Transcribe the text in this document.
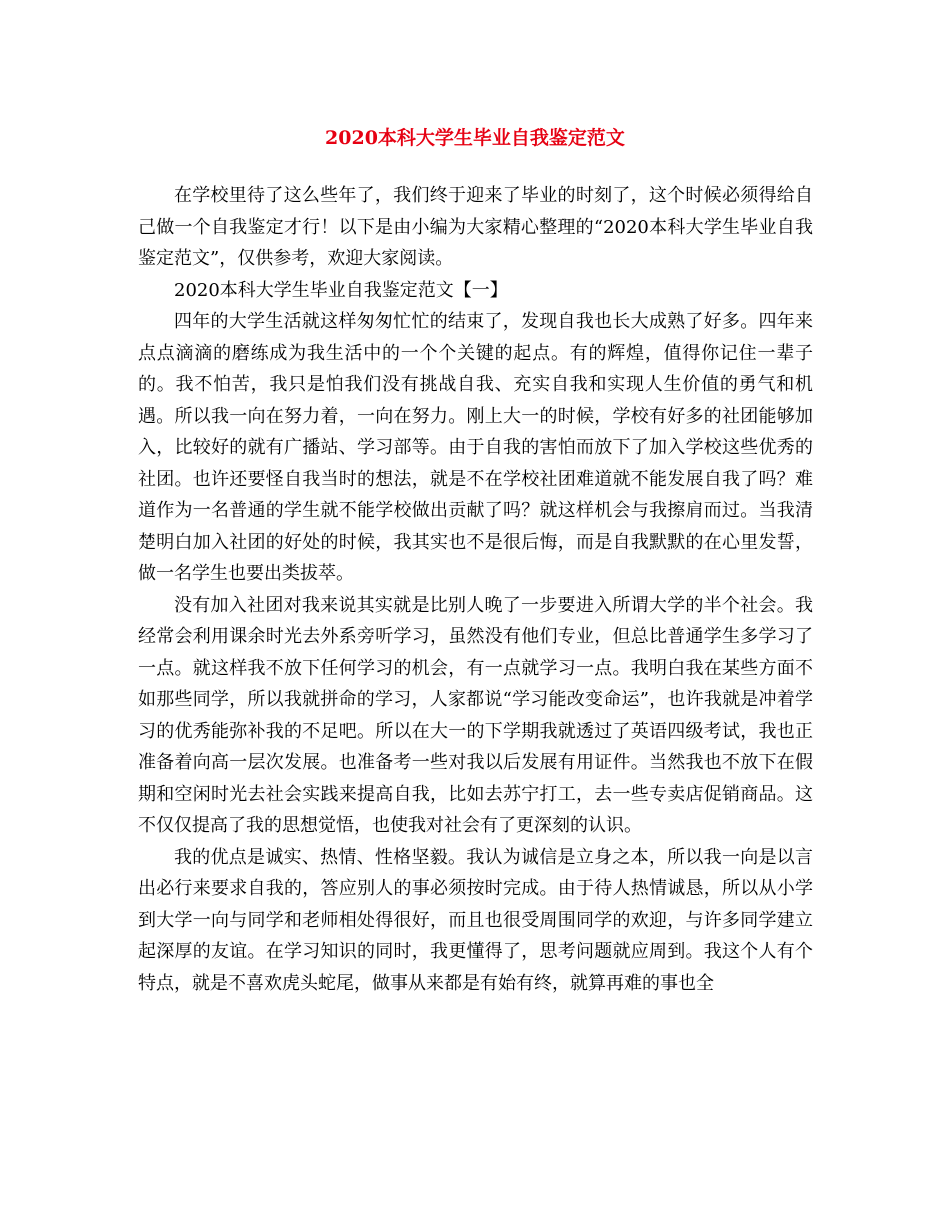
2020本科大学生毕业自我鉴定范文

在学校里待了这么些年了，我们终于迎来了毕业的时刻了，这个时候必须得给自己做一个自我鉴定才行！以下是由小编为大家精心整理的“2020本科大学生毕业自我鉴定范文”，仅供参考，欢迎大家阅读。

2020本科大学生毕业自我鉴定范文【一】

四年的大学生活就这样匆匆忙忙的结束了，发现自我也长大成熟了好多。四年来点点滴滴的磨练成为我生活中的一个个关键的起点。有的辉煌，值得你记住一辈子的。我不怕苦，我只是怕我们没有挑战自我、充实自我和实现人生价值的勇气和机遇。所以我一向在努力着，一向在努力。刚上大一的时候，学校有好多的社团能够加入，比较好的就有广播站、学习部等。由于自我的害怕而放下了加入学校这些优秀的社团。也许还要怪自我当时的想法，就是不在学校社团难道就不能发展自我了吗？难道作为一名普通的学生就不能学校做出贡献了吗？就这样机会与我擦肩而过。当我清楚明白加入社团的好处的时候，我其实也不是很后悔，而是自我默默的在心里发誓，做一名学生也要出类拔萃。

没有加入社团对我来说其实就是比别人晚了一步要进入所谓大学的半个社会。我经常会利用课余时光去外系旁听学习，虽然没有他们专业，但总比普通学生多学习了一点。就这样我不放下任何学习的机会，有一点就学习一点。我明白我在某些方面不如那些同学，所以我就拼命的学习，人家都说“学习能改变命运”，也许我就是冲着学习的优秀能弥补我的不足吧。所以在大一的下学期我就透过了英语四级考试，我也正准备着向高一层次发展。也准备考一些对我以后发展有用证件。当然我也不放下在假期和空闲时光去社会实践来提高自我，比如去苏宁打工，去一些专卖店促销商品。这不仅仅提高了我的思想觉悟，也使我对社会有了更深刻的认识。

我的优点是诚实、热情、性格坚毅。我认为诚信是立身之本，所以我一向是以言出必行来要求自我的，答应别人的事必须按时完成。由于待人热情诚恳，所以从小学到大学一向与同学和老师相处得很好，而且也很受周围同学的欢迎，与许多同学建立起深厚的友谊。在学习知识的同时，我更懂得了，思考问题就应周到。我这个人有个特点，就是不喜欢虎头蛇尾，做事从来都是有始有终，就算再难的事也全
